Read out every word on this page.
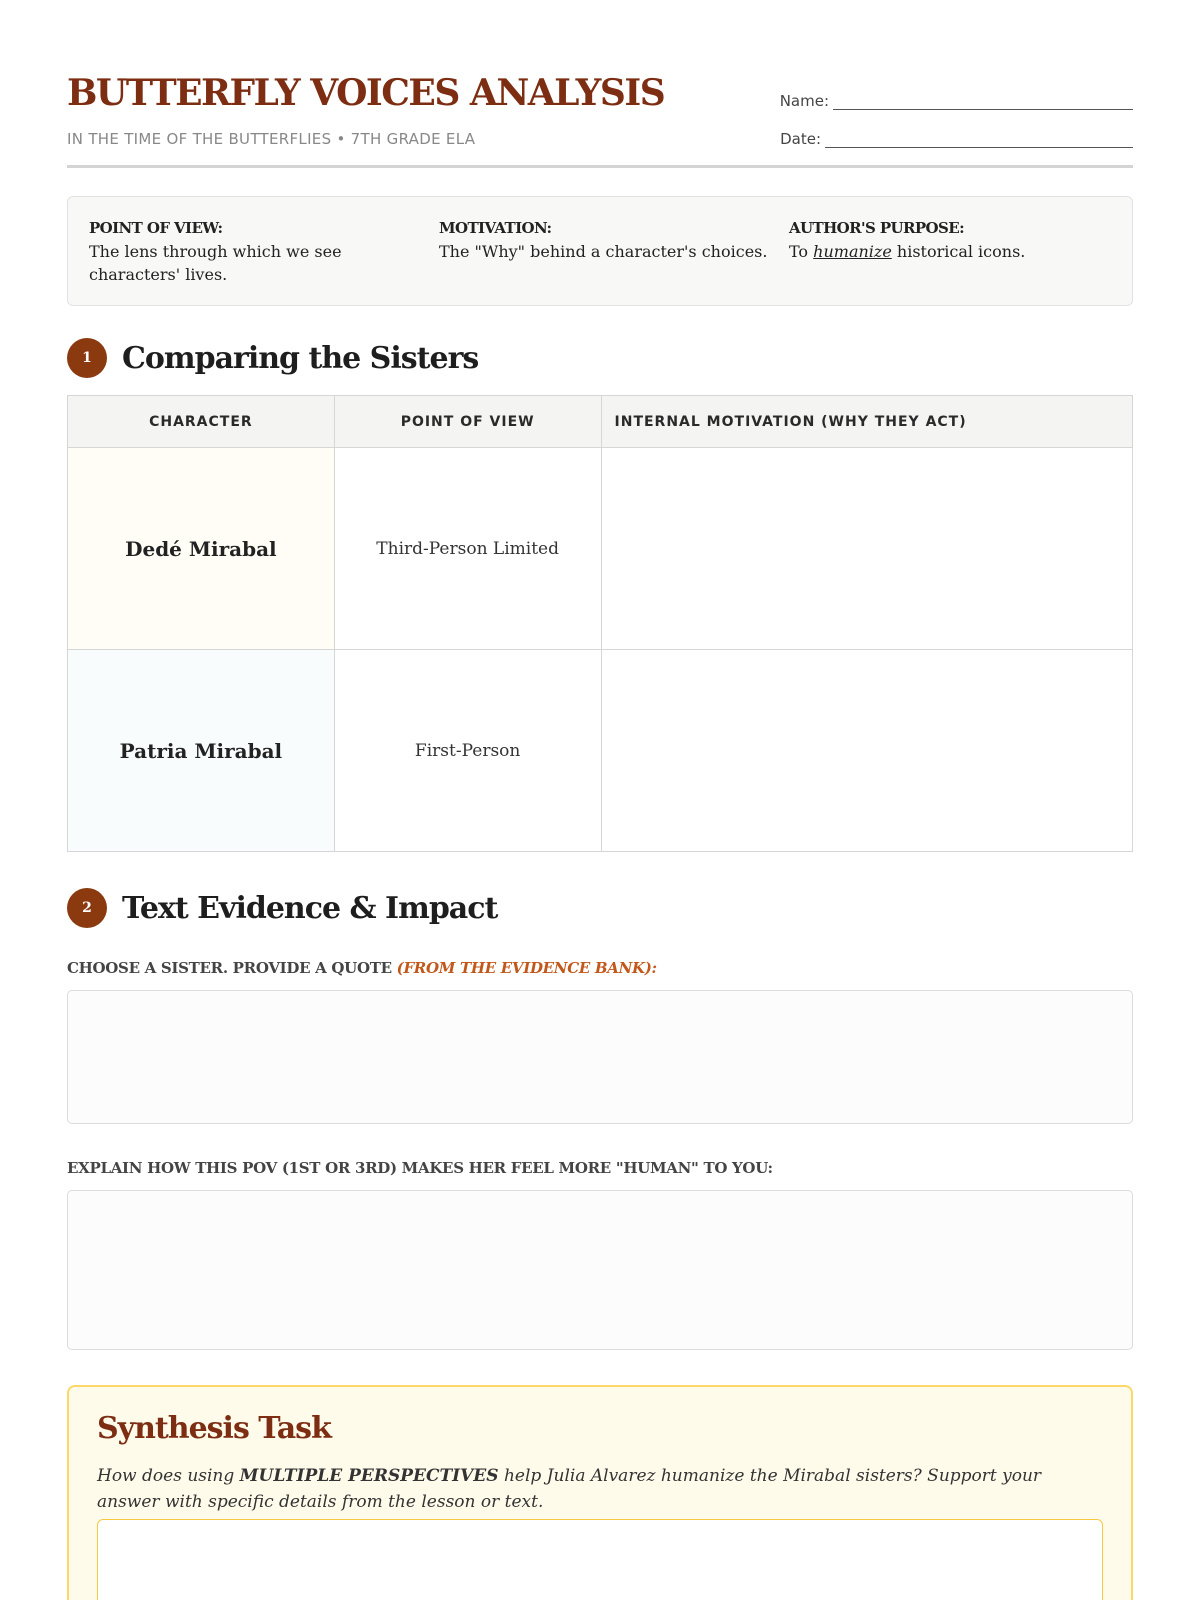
BUTTERFLY VOICES ANALYSIS
IN THE TIME OF THE BUTTERFLIES • 7TH GRADE ELA
Name:
Date:
POINT OF VIEW:
The lens through which we see characters' lives.
MOTIVATION:
The "Why" behind a character's choices.
AUTHOR'S PURPOSE:
To humanize historical icons.
1	Comparing the Sisters
CHARACTER	POINT OF VIEW	INTERNAL MOTIVATION (WHY THEY ACT)
Dedé Mirabal	Third-Person Limited	
Patria Mirabal	First-Person	
2	Text Evidence & Impact
CHOOSE A SISTER. PROVIDE A QUOTE (FROM THE EVIDENCE BANK):
EXPLAIN HOW THIS POV (1ST OR 3RD) MAKES HER FEEL MORE "HUMAN" TO YOU:
Synthesis Task
How does using MULTIPLE PERSPECTIVES help Julia Alvarez humanize the Mirabal sisters? Support your answer with specific details from the lesson or text.
